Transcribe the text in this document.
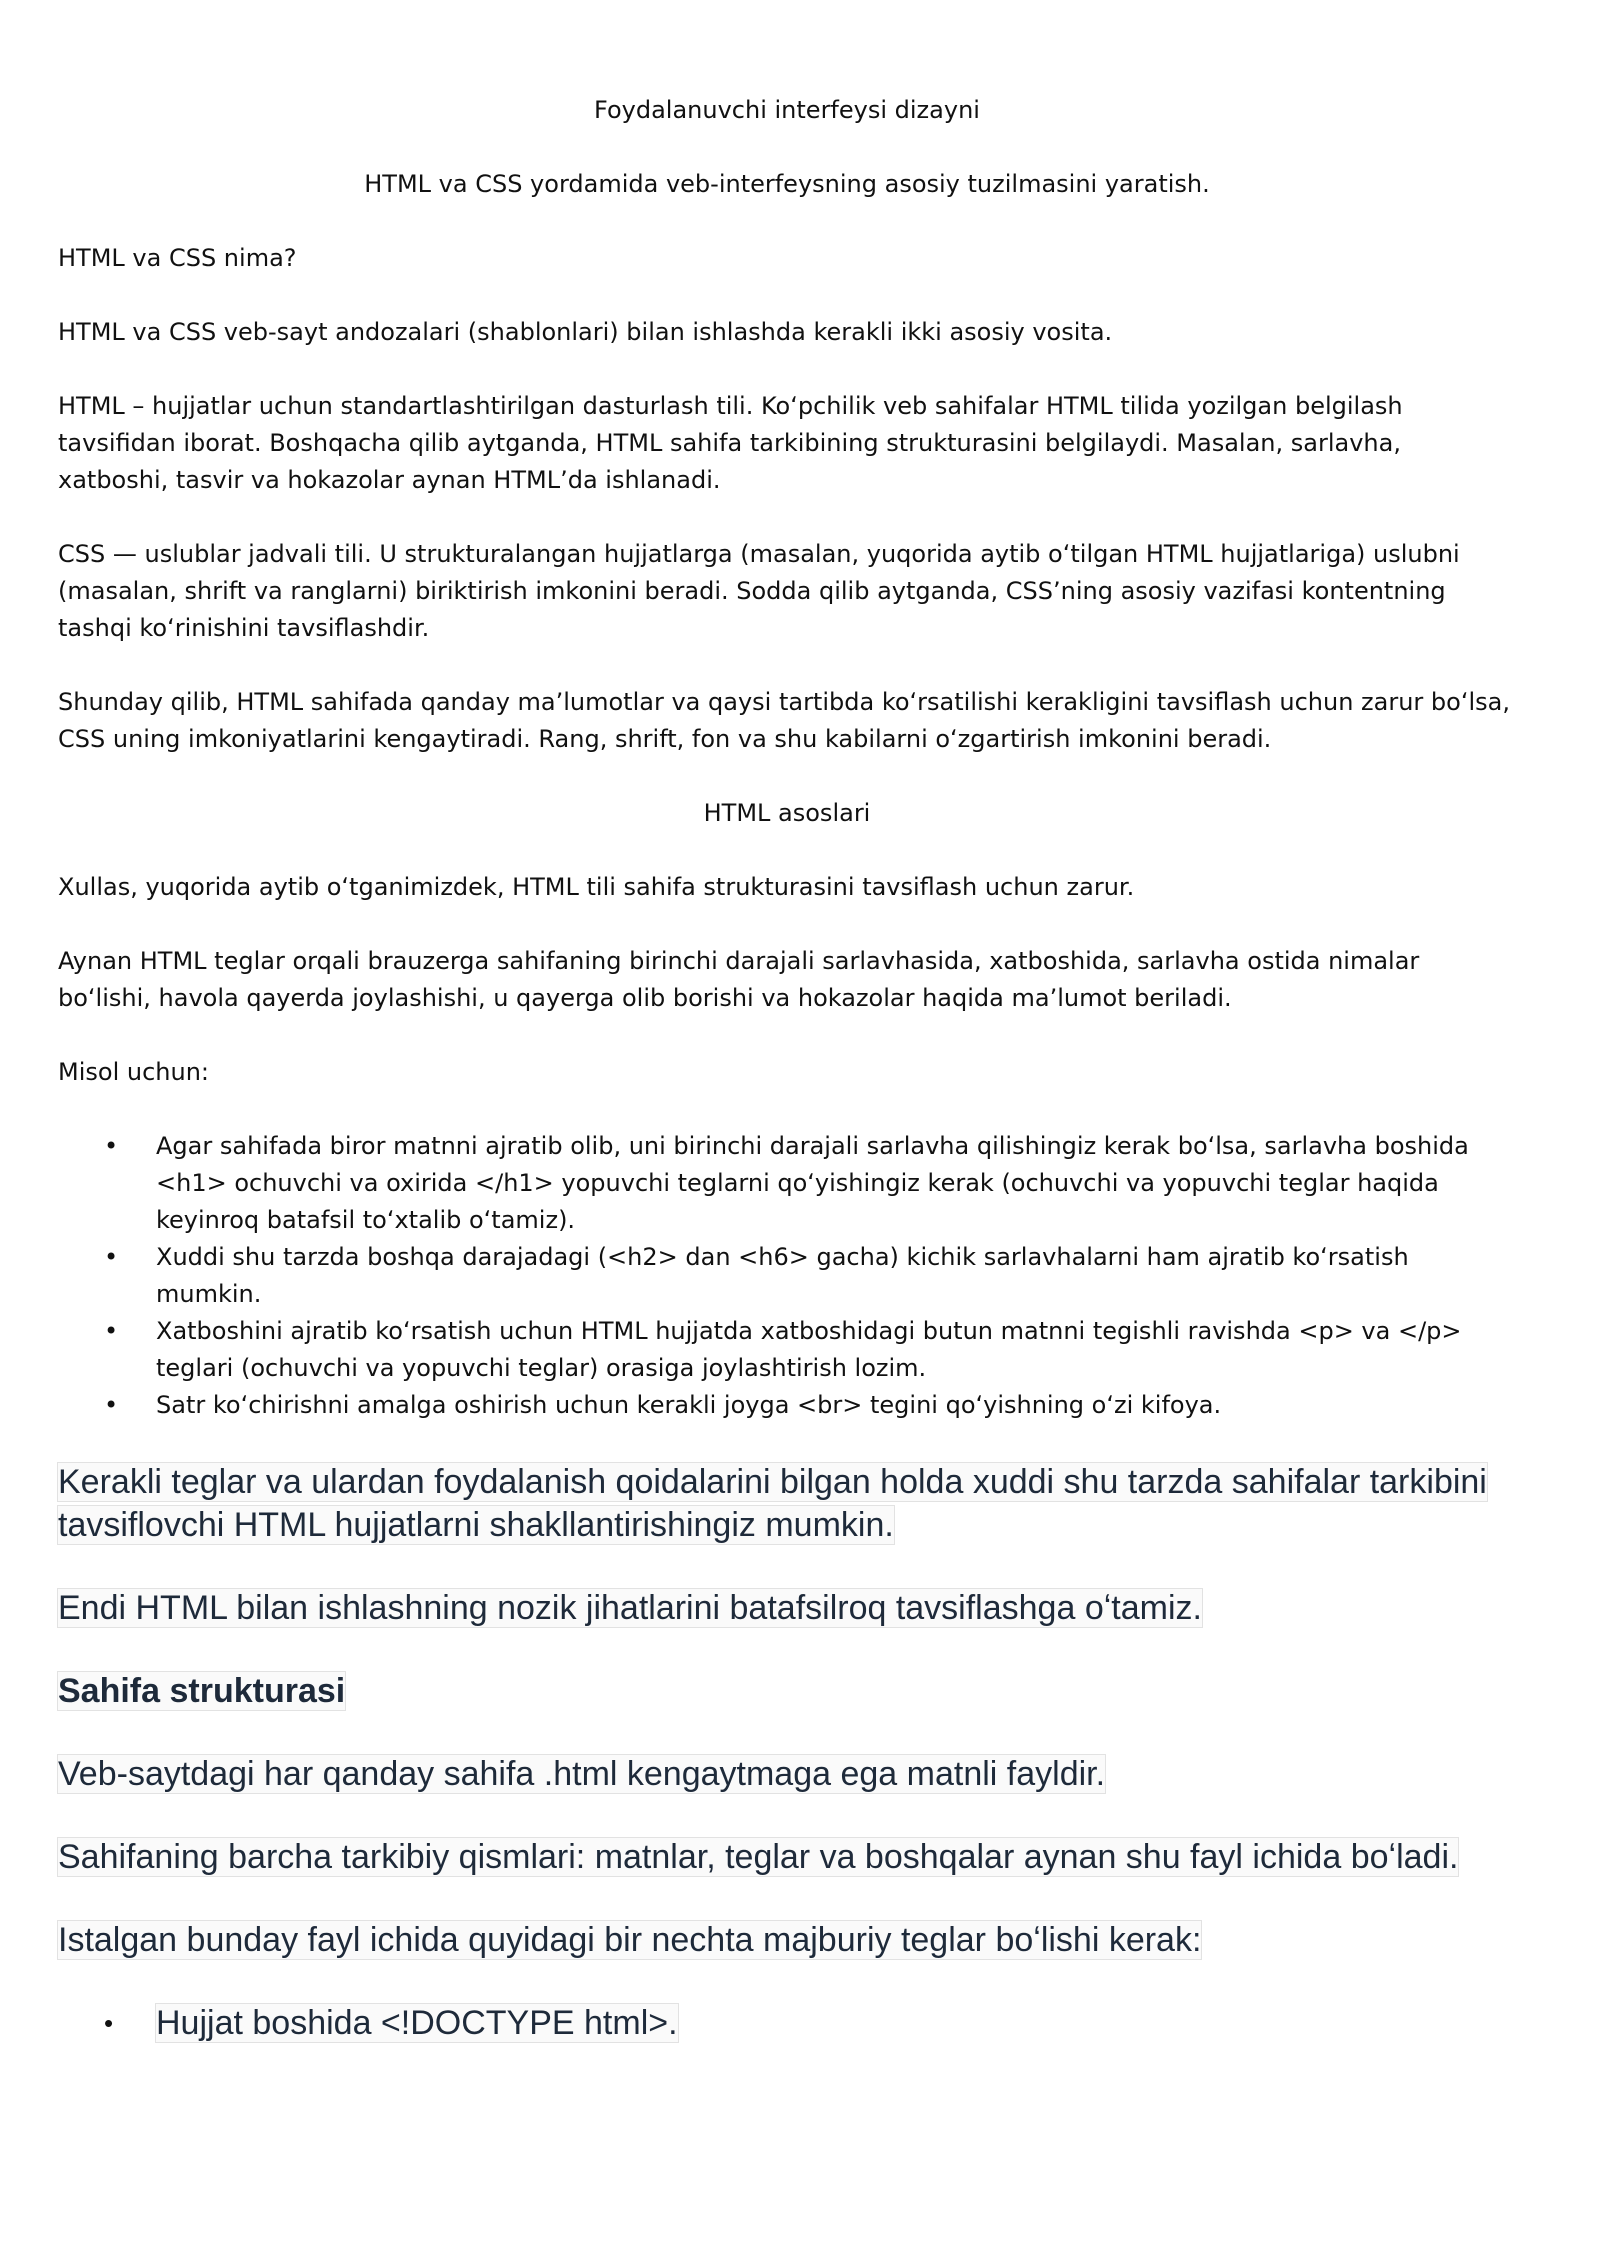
Foydalanuvchi interfeysi dizayni

HTML va CSS yordamida veb-interfeysning asosiy tuzilmasini yaratish.

HTML va CSS nima?

HTML va CSS veb-sayt andozalari (shablonlari) bilan ishlashda kerakli ikki asosiy vosita.

HTML – hujjatlar uchun standartlashtirilgan dasturlash tili. Koʻpchilik veb sahifalar HTML tilida yozilgan belgilash tavsifidan iborat. Boshqacha qilib aytganda, HTML sahifa tarkibining strukturasini belgilaydi. Masalan, sarlavha, xatboshi, tasvir va hokazolar aynan HTML’da ishlanadi.

CSS — uslublar jadvali tili. U strukturalangan hujjatlarga (masalan, yuqorida aytib oʻtilgan HTML hujjatlariga) uslubni (masalan, shrift va ranglarni) biriktirish imkonini beradi. Sodda qilib aytganda, CSS’ning asosiy vazifasi kontentning tashqi koʻrinishini tavsiflashdir.

Shunday qilib, HTML sahifada qanday maʼlumotlar va qaysi tartibda koʻrsatilishi kerakligini tavsiflash uchun zarur boʻlsa, CSS uning imkoniyatlarini kengaytiradi. Rang, shrift, fon va shu kabilarni oʻzgartirish imkonini beradi.

HTML asoslari

Xullas, yuqorida aytib oʻtganimizdek, HTML tili sahifa strukturasini tavsiflash uchun zarur.

Aynan HTML teglar orqali brauzerga sahifaning birinchi darajali sarlavhasida, xatboshida, sarlavha ostida nimalar boʻlishi, havola qayerda joylashishi, u qayerga olib borishi va hokazolar haqida maʼlumot beriladi.

Misol uchun:

• Agar sahifada biror matnni ajratib olib, uni birinchi darajali sarlavha qilishingiz kerak boʻlsa, sarlavha boshida <h1> ochuvchi va oxirida </h1> yopuvchi teglarni qoʻyishingiz kerak (ochuvchi va yopuvchi teglar haqida keyinroq batafsil toʻxtalib oʻtamiz).
• Xuddi shu tarzda boshqa darajadagi (<h2> dan <h6> gacha) kichik sarlavhalarni ham ajratib koʻrsatish mumkin.
• Xatboshini ajratib koʻrsatish uchun HTML hujjatda xatboshidagi butun matnni tegishli ravishda <p> va </p> teglari (ochuvchi va yopuvchi teglar) orasiga joylashtirish lozim.
• Satr koʻchirishni amalga oshirish uchun kerakli joyga <br> tegini qoʻyishning oʻzi kifoya.

Kerakli teglar va ulardan foydalanish qoidalarini bilgan holda xuddi shu tarzda sahifalar tarkibini tavsiflovchi HTML hujjatlarni shakllantirishingiz mumkin.

Endi HTML bilan ishlashning nozik jihatlarini batafsilroq tavsiflashga oʻtamiz.

Sahifa strukturasi

Veb-saytdagi har qanday sahifa .html kengaytmaga ega matnli fayldir.

Sahifaning barcha tarkibiy qismlari: matnlar, teglar va boshqalar aynan shu fayl ichida boʻladi.

Istalgan bunday fayl ichida quyidagi bir nechta majburiy teglar boʻlishi kerak:

• Hujjat boshida <!DOCTYPE html>.
